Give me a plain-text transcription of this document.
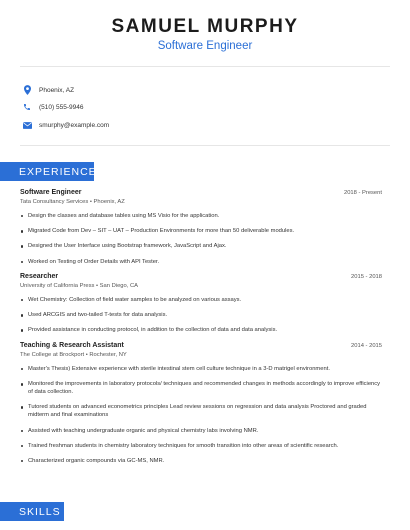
SAMUEL MURPHY
Software Engineer
Phoenix, AZ
(510) 555-9946
smurphy@example.com
EXPERIENCE
Software Engineer	2018 - Present
Tata Consultancy Services • Phoenix, AZ
Design the classes and database tables using MS Visio for the application.
Migrated Code from Dev – SIT – UAT – Production Environments for more than 50 deliverable modules.
Designed the User Interface using Bootstrap framework, JavaScript and Ajax.
Worked on Testing of Order Details with API Tester.
Researcher	2015 - 2018
University of California Press • San Diego, CA
Wet Chemistry: Collection of field water samples to be analyzed on various assays.
Used ARCGIS and two-tailed T-tests for data analysis.
Provided assistance in conducting protocol, in addition to the collection of data and data analysis.
Teaching & Research Assistant	2014 - 2015
The College at Brockport • Rochester, NY
Master's Thesis) Extensive experience with sterile intestinal stem cell culture technique in a 3-D matrigel environment.
Monitored the improvements in laboratory protocols/ techniques and recommended changes in methods accordingly to improve efficiency of data collection.
Tutored students on advanced econometrics principles Lead review sessions on regression and data analysis Proctored and graded midterm and final examinations
Assisted with teaching undergraduate organic and physical chemistry labs involving NMR.
Trained freshman students in chemistry laboratory techniques for smooth transition into other areas of scientific research.
Characterized organic compounds via GC-MS, NMR.
SKILLS
